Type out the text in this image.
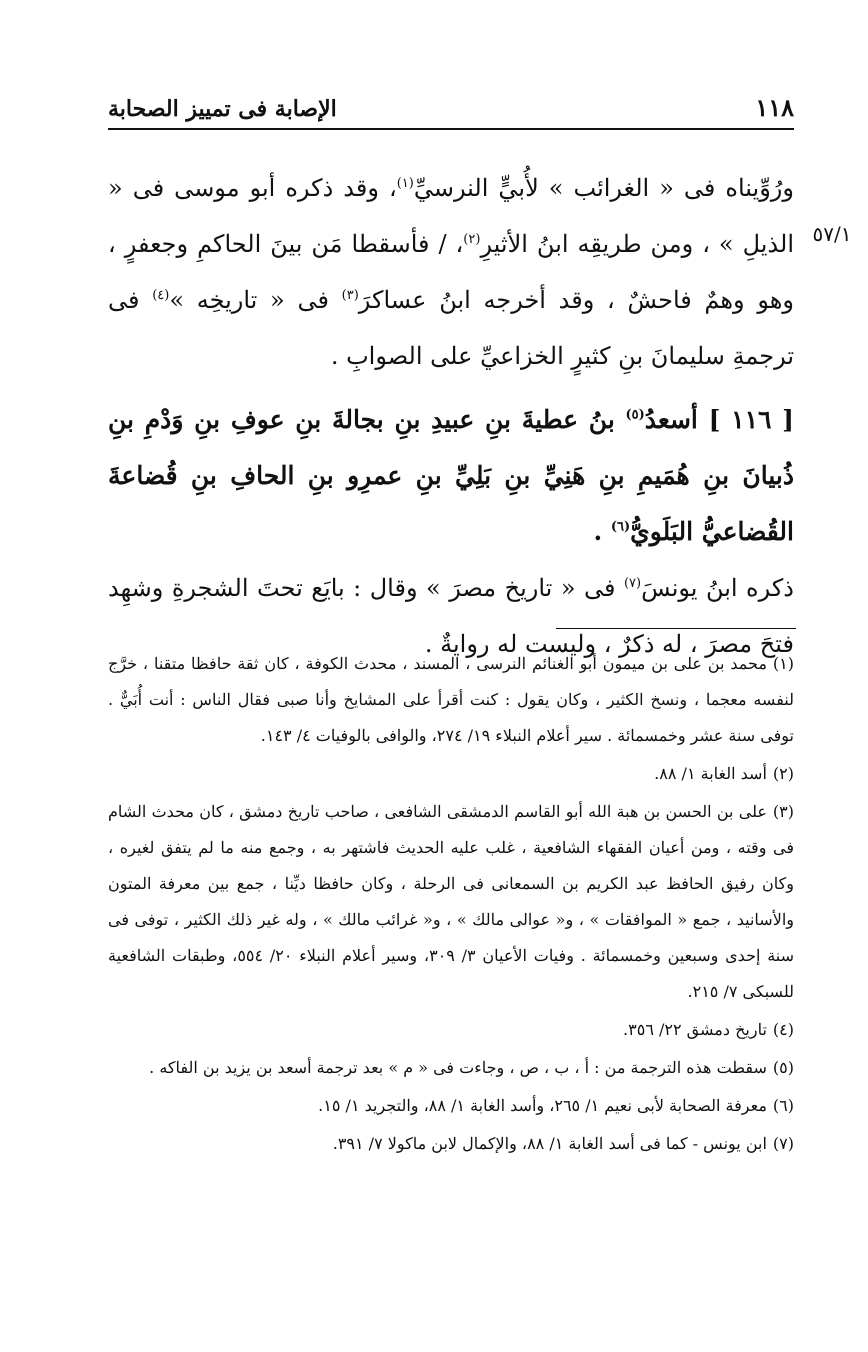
الإصابة فى تمييز الصحابة	١١٨
٥٧/١

ورُوِّيناه فى « الغرائب » لأُبيٍّ النرسيِّ$^{(١)}$، وقد ذكره أبو موسى فى « الذيلِ » ، ومن طريقِه ابنُ الأثيرِ$^{(٢)}$، / فأسقطا مَن بينَ الحاكمِ وجعفرٍ ، وهو وهمٌ فاحشٌ ، وقد أخرجه ابنُ عساكرَ$^{(٣)}$ فى « تاريخِه »$^{(٤)}$ فى ترجمةِ سليمانَ بنِ كثيرٍ الخزاعيِّ على الصوابِ .

[ ١١٦ ] أسعدُ$^{(٥)}$ بنُ عطيةَ بنِ عبيدِ بنِ بجالةَ بنِ عوفِ بنِ وَدْمِ بنِ ذُبيانَ بنِ هُمَيمِ بنِ هَنِيِّ بنِ بَلِيِّ بنِ عمرِو بنِ الحافِ بنِ قُضاعةَ القُضاعيُّ البَلَويُّ$^{(٦)}$ .

ذكره ابنُ يونسَ$^{(٧)}$ فى « تاريخ مصرَ » وقال : بايَع تحتَ الشجرةِ وشهِد فتحَ مصرَ ، له ذكرٌ ، وليست له روايةٌ .

(١)محمد بن على بن ميمون أبو الغنائم النرسى ، المسند ، محدث الكوفة ، كان ثقة حافظا متقنا ، خرَّج لنفسه معجما ، ونسخ الكثير ، وكان يقول : كنت أقرأ على المشايخ وأنا صبى فقال الناس : أنت أُبَيٌّ . توفى سنة عشر وخمسمائة . سير أعلام النبلاء ١٩/ ٢٧٤، والوافى بالوفيات ٤/ ١٤٣.

(٢)أسد الغابة ١/ ٨٨.

(٣)على بن الحسن بن هبة الله أبو القاسم الدمشقى الشافعى ، صاحب تاريخ دمشق ، كان محدث الشام فى وقته ، ومن أعيان الفقهاء الشافعية ، غلب عليه الحديث فاشتهر به ، وجمع منه ما لم يتفق لغيره ، وكان رفيق الحافظ عبد الكريم بن السمعانى فى الرحلة ، وكان حافظا ديِّنا ، جمع بين معرفة المتون والأسانيد ، جمع « الموافقات » ، و« عوالى مالك » ، و« غرائب مالك » ، وله غير ذلك الكثير ، توفى فى سنة إحدى وسبعين وخمسمائة . وفيات الأعيان ٣/ ٣٠٩، وسير أعلام النبلاء ٢٠/ ٥٥٤، وطبقات الشافعية للسبكى ٧/ ٢١٥.

(٤)تاريخ دمشق ٢٢/ ٣٥٦.

(٥)سقطت هذه الترجمة من : أ ، ب ، ص ، وجاءت فى « م » بعد ترجمة أسعد بن يزيد بن الفاكه .

(٦)معرفة الصحابة لأبى نعيم ١/ ٢٦٥، وأسد الغابة ١/ ٨٨، والتجريد ١/ ١٥.

(٧)ابن يونس - كما فى أسد الغابة ١/ ٨٨، والإكمال لابن ماكولا ٧/ ٣٩١.
